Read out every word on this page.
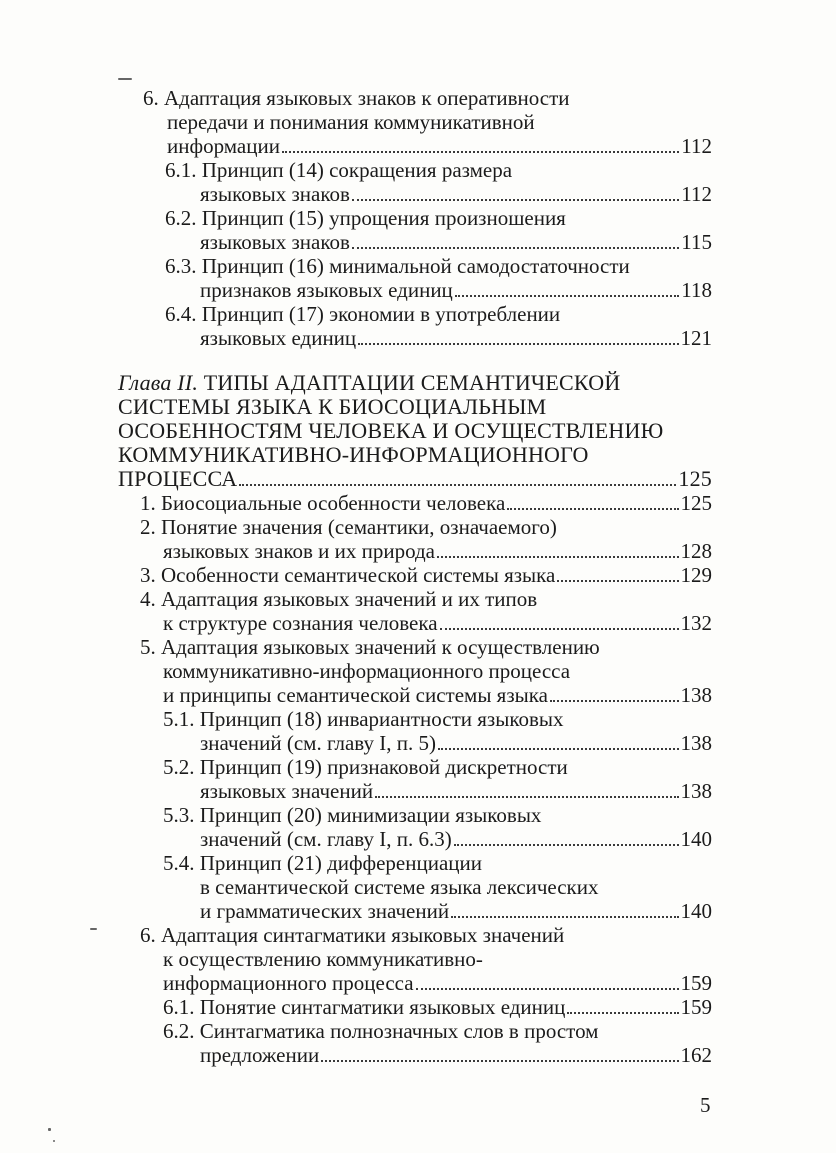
6. Адаптация языковых знаков к оперативности
передачи и понимания коммуникативной
информации	112
6.1. Принцип (14) сокращения размера
языковых знаков	112
6.2. Принцип (15) упрощения произношения
языковых знаков	115
6.3. Принцип (16) минимальной самодостаточности
признаков языковых единиц	118
6.4. Принцип (17) экономии в употреблении
языковых единиц	121
Глава II.
ТИПЫ АДАПТАЦИИ СЕМАНТИЧЕСКОЙ
СИСТЕМЫ ЯЗЫКА К БИОСОЦИАЛЬНЫМ
ОСОБЕННОСТЯМ ЧЕЛОВЕКА И ОСУЩЕСТВЛЕНИЮ
КОММУНИКАТИВНО-ИНФОРМАЦИОННОГО
ПРОЦЕССА	125
1. Биосоциальные особенности человека	125
2. Понятие значения (семантики, означаемого)
языковых знаков и их природа	128
3. Особенности семантической системы языка	129
4. Адаптация языковых значений и их типов
к структуре сознания человека	132
5. Адаптация языковых значений к осуществлению
коммуникативно-информационного процесса
и принципы семантической системы языка	138
5.1. Принцип (18) инвариантности языковых
значений (см. главу I, п. 5)	138
5.2. Принцип (19) признаковой дискретности
языковых значений	138
5.3. Принцип (20) минимизации языковых
значений (см. главу I, п. 6.3)	140
5.4. Принцип (21) дифференциации
в семантической системе языка лексических
и грамматических значений	140
6. Адаптация синтагматики языковых значений
к осуществлению коммуникативно-
информационного процесса	159
6.1. Понятие синтагматики языковых единиц	159
6.2. Синтагматика полнозначных слов в простом
предложении	162
5
